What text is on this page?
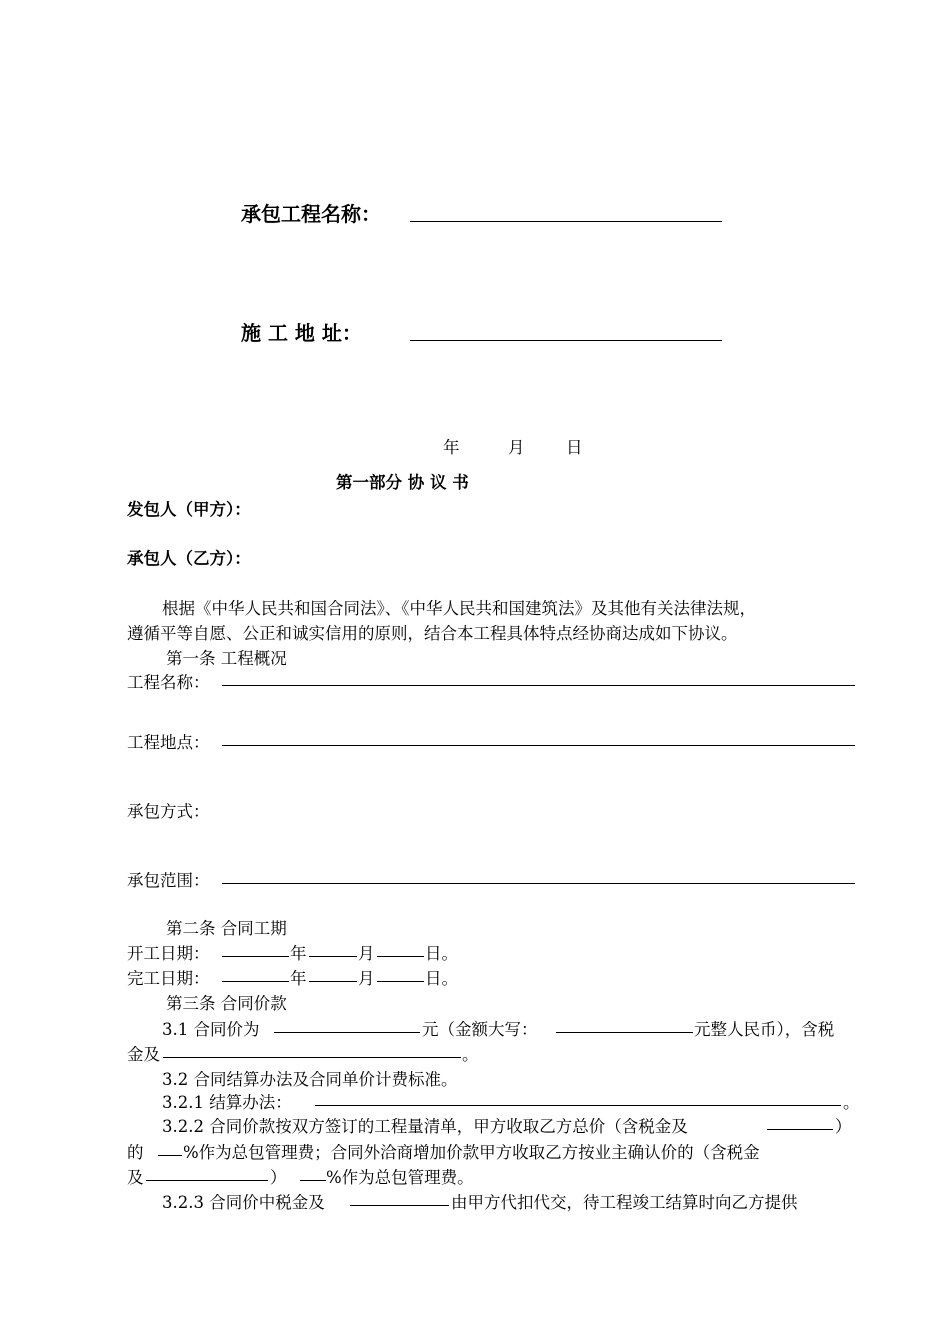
承包工程名称：
施 工 地 址：
年	月	日
第一部分 协 议 书
发包人（甲方）：
承包人（乙方）：
根据《中华人民共和国合同法》、《中华人民共和国建筑法》及其他有关法律法规，
遵循平等自愿、公正和诚实信用的原则，结合本工程具体特点经协商达成如下协议。
第一条 工程概况
工程名称：
工程地点：
承包方式：
承包范围：
第二条 合同工期
开工日期：	年	月	日。
完工日期：	年	月	日。
第三条 合同价款
3.1 合同价为	元（金额大写：	元整人民币），含税
金及	。
3.2 合同结算办法及合同单价计费标准。
3.2.1 结算办法：	。
3.2.2 合同价款按双方签订的工程量清单，甲方收取乙方总价（含税金及	）
的 %作为总包管理费；合同外洽商增加价款甲方收取乙方按业主确认价的（含税金
及	） %作为总包管理费。
3.2.3 合同价中税金及	由甲方代扣代交，待工程竣工结算时向乙方提供
